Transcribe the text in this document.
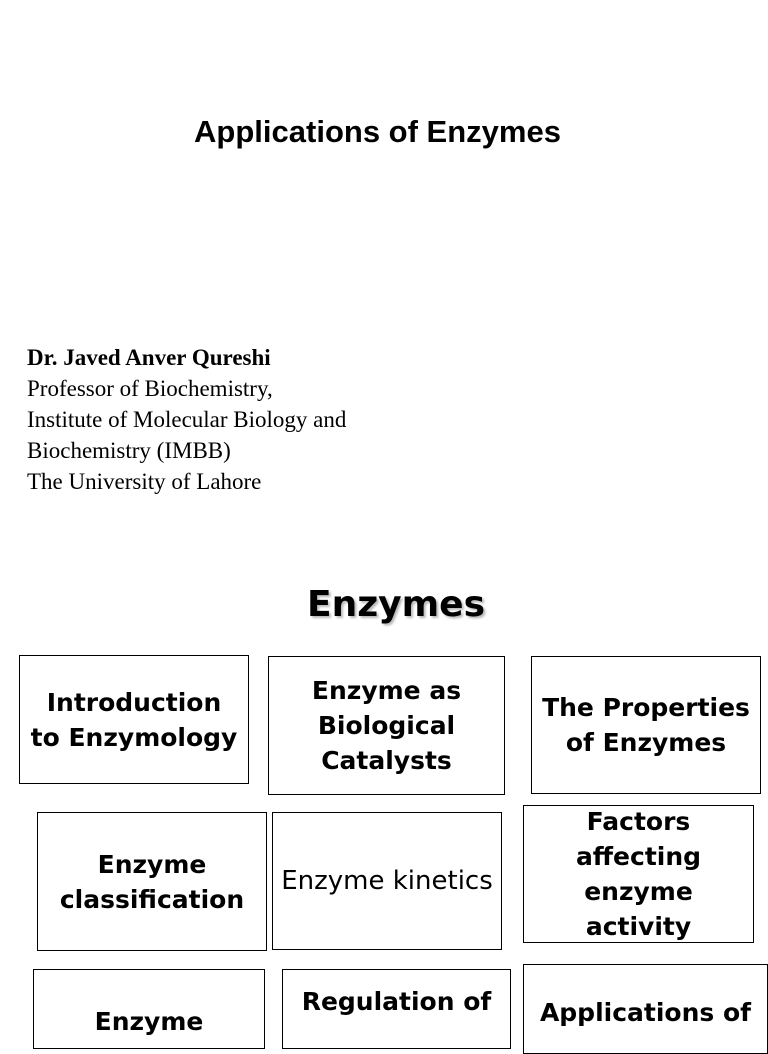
Applications of Enzymes
Dr. Javed Anver Qureshi
Professor of Biochemistry,
Institute of Molecular Biology and
Biochemistry (IMBB)
The University of Lahore
Enzymes
Introduction to Enzymology
Enzyme as Biological Catalysts
The Properties of Enzymes
Enzyme classification
Enzyme kinetics
Factors affecting enzyme activity
Enzyme
Regulation of Applications of
